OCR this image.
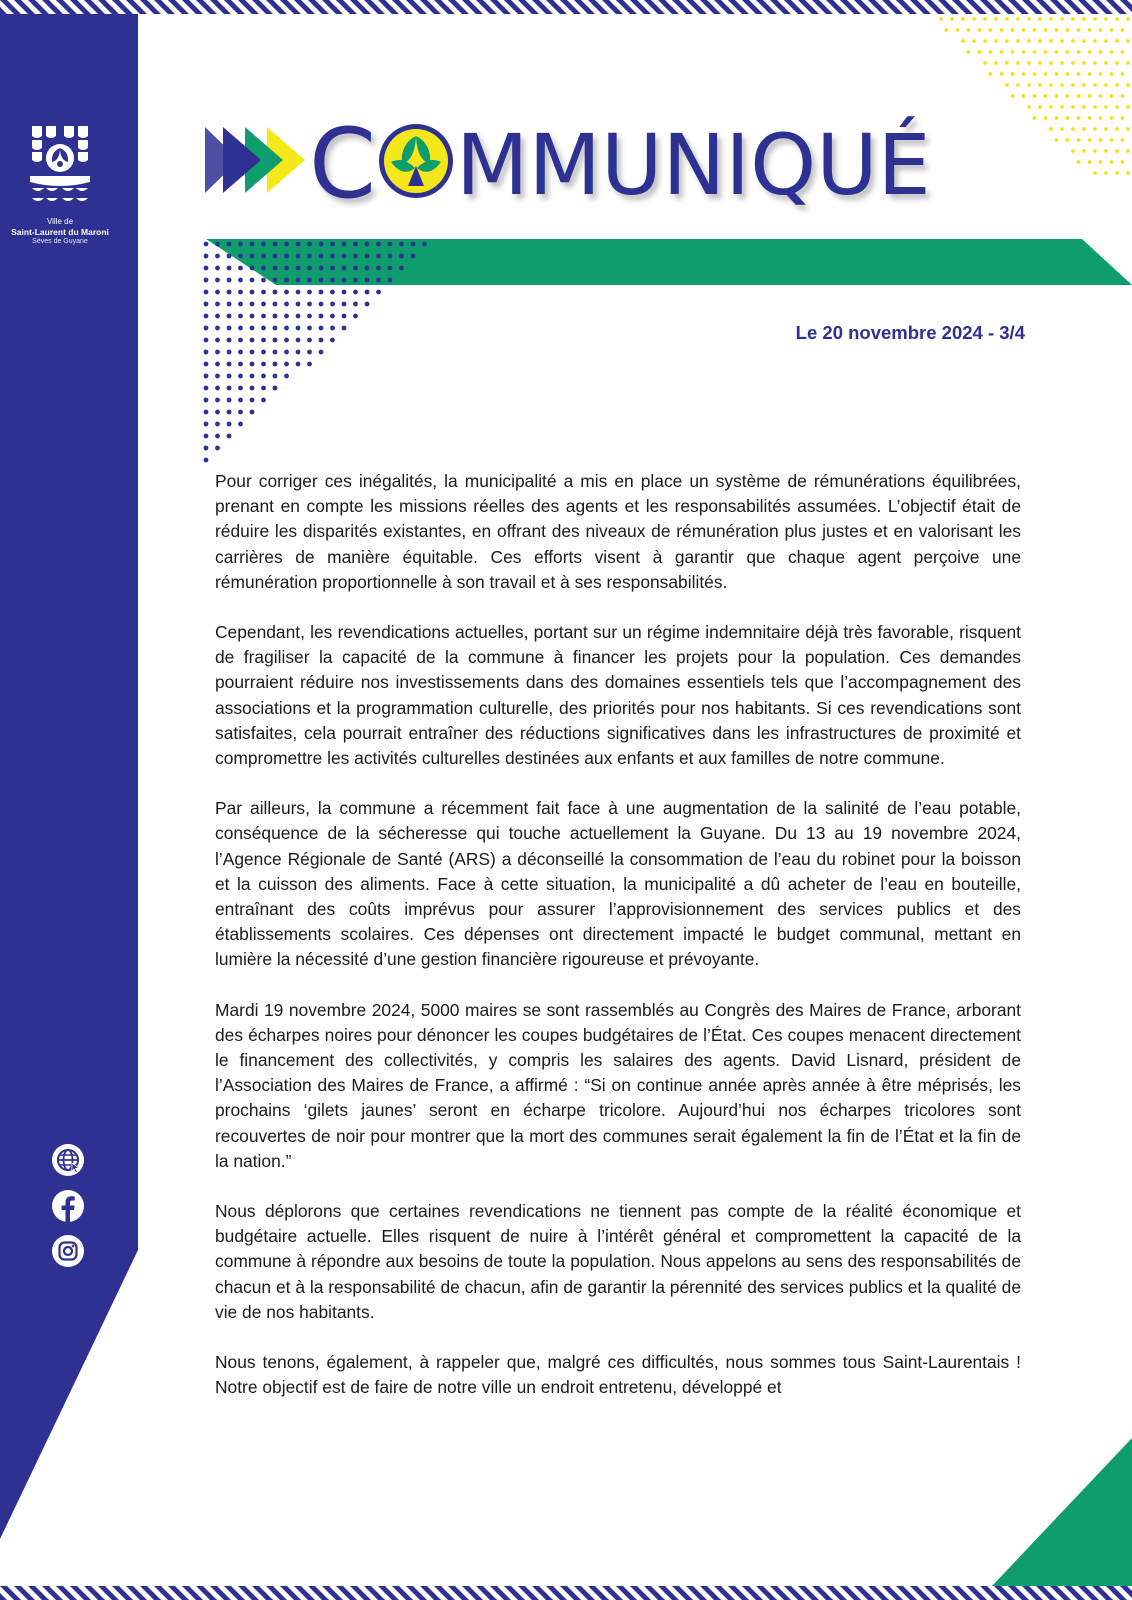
Ville de
Saint-Laurent du Maroni
Sèves de Guyane
C MMUNIQUÉ
Le 20 novembre 2024 - 3/4

Pour corriger ces inégalités, la municipalité a mis en place un système de rémunérations équilibrées, prenant en compte les missions réelles des agents et les responsabilités assumées. L’objectif était de réduire les disparités existantes, en offrant des niveaux de rémunération plus justes et en valorisant les carrières de manière équitable. Ces efforts visent à garantir que chaque agent perçoive une rémunération proportionnelle à son travail et à ses responsabilités.

Cependant, les revendications actuelles, portant sur un régime indemnitaire déjà très favorable, risquent de fragiliser la capacité de la commune à financer les projets pour la population. Ces demandes pourraient réduire nos investissements dans des domaines essentiels tels que l’accompagnement des associations et la programmation culturelle, des priorités pour nos habitants. Si ces revendications sont satisfaites, cela pourrait entraîner des réductions significatives dans les infrastructures de proximité et compromettre les activités culturelles destinées aux enfants et aux familles de notre commune.

Par ailleurs, la commune a récemment fait face à une augmentation de la salinité de l’eau potable, conséquence de la sécheresse qui touche actuellement la Guyane. Du 13 au 19 novembre 2024, l’Agence Régionale de Santé (ARS) a déconseillé la consommation de l’eau du robinet pour la boisson et la cuisson des aliments. Face à cette situation, la municipalité a dû acheter de l’eau en bouteille, entraînant des coûts imprévus pour assurer l’approvisionnement des services publics et des établissements scolaires. Ces dépenses ont directement impacté le budget communal, mettant en lumière la nécessité d’une gestion financière rigoureuse et prévoyante.

Mardi 19 novembre 2024, 5000 maires se sont rassemblés au Congrès des Maires de France, arborant des écharpes noires pour dénoncer les coupes budgétaires de l’État. Ces coupes menacent directement le financement des collectivités, y compris les salaires des agents. David Lisnard, président de l’Association des Maires de France, a affirmé : “Si on continue année après année à être méprisés, les prochains ‘gilets jaunes’ seront en écharpe tricolore. Aujourd’hui nos écharpes tricolores sont recouvertes de noir pour montrer que la mort des communes serait également la fin de l’État et la fin de la nation.”

Nous déplorons que certaines revendications ne tiennent pas compte de la réalité économique et budgétaire actuelle. Elles risquent de nuire à l’intérêt général et compromettent la capacité de la commune à répondre aux besoins de toute la population. Nous appelons au sens des responsabilités de chacun et à la responsabilité de chacun, afin de garantir la pérennité des services publics et la qualité de vie de nos habitants.

Nous tenons, également, à rappeler que, malgré ces difficultés, nous sommes tous Saint-Laurentais ! Notre objectif est de faire de notre ville un endroit entretenu, développé et
